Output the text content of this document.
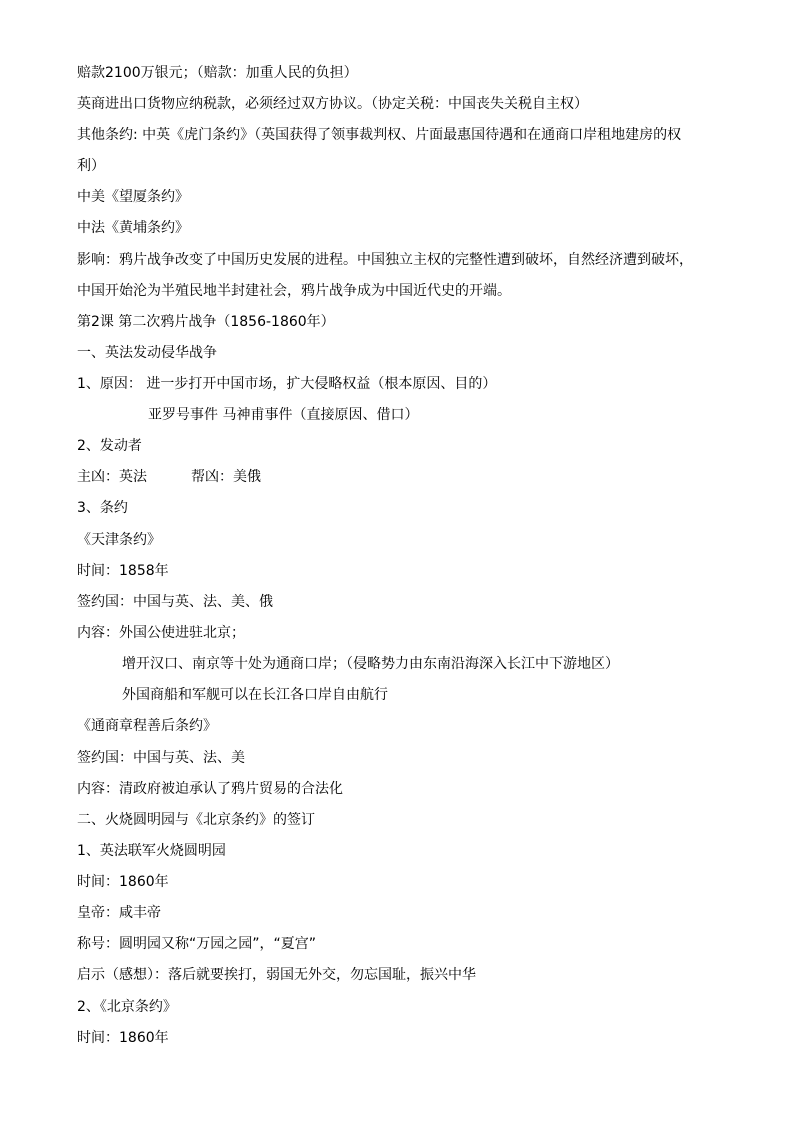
赔款2100万银元；（赔款：加重人民的负担）
英商进出口货物应纳税款，必须经过双方协议。（协定关税：中国丧失关税自主权）
其他条约: 中英《虎门条约》（英国获得了领事裁判权、片面最惠国待遇和在通商口岸租地建房的权
利）
中美《望厦条约》
中法《黄埔条约》
影响：鸦片战争改变了中国历史发展的进程。中国独立主权的完整性遭到破坏，自然经济遭到破坏，
中国开始沦为半殖民地半封建社会，鸦片战争成为中国近代史的开端。
第2课 第二次鸦片战争（1856-1860年）
一、英法发动侵华战争
1、原因： 进一步打开中国市场，扩大侵略权益（根本原因、目的）
亚罗号事件 马神甫事件（直接原因、借口）
2、发动者
主凶：英法	帮凶：美俄
3、条约
《天津条约》
时间：1858年
签约国：中国与英、法、美、俄
内容：外国公使进驻北京；
增开汉口、南京等十处为通商口岸；（侵略势力由东南沿海深入长江中下游地区）
外国商船和军舰可以在长江各口岸自由航行
《通商章程善后条约》
签约国：中国与英、法、美
内容：清政府被迫承认了鸦片贸易的合法化
二、火烧圆明园与《北京条约》的签订
1、英法联军火烧圆明园
时间：1860年
皇帝：咸丰帝
称号：圆明园又称“万园之园”，“夏宫”
启示（感想）：落后就要挨打，弱国无外交，勿忘国耻，振兴中华
2、《北京条约》
时间：1860年
